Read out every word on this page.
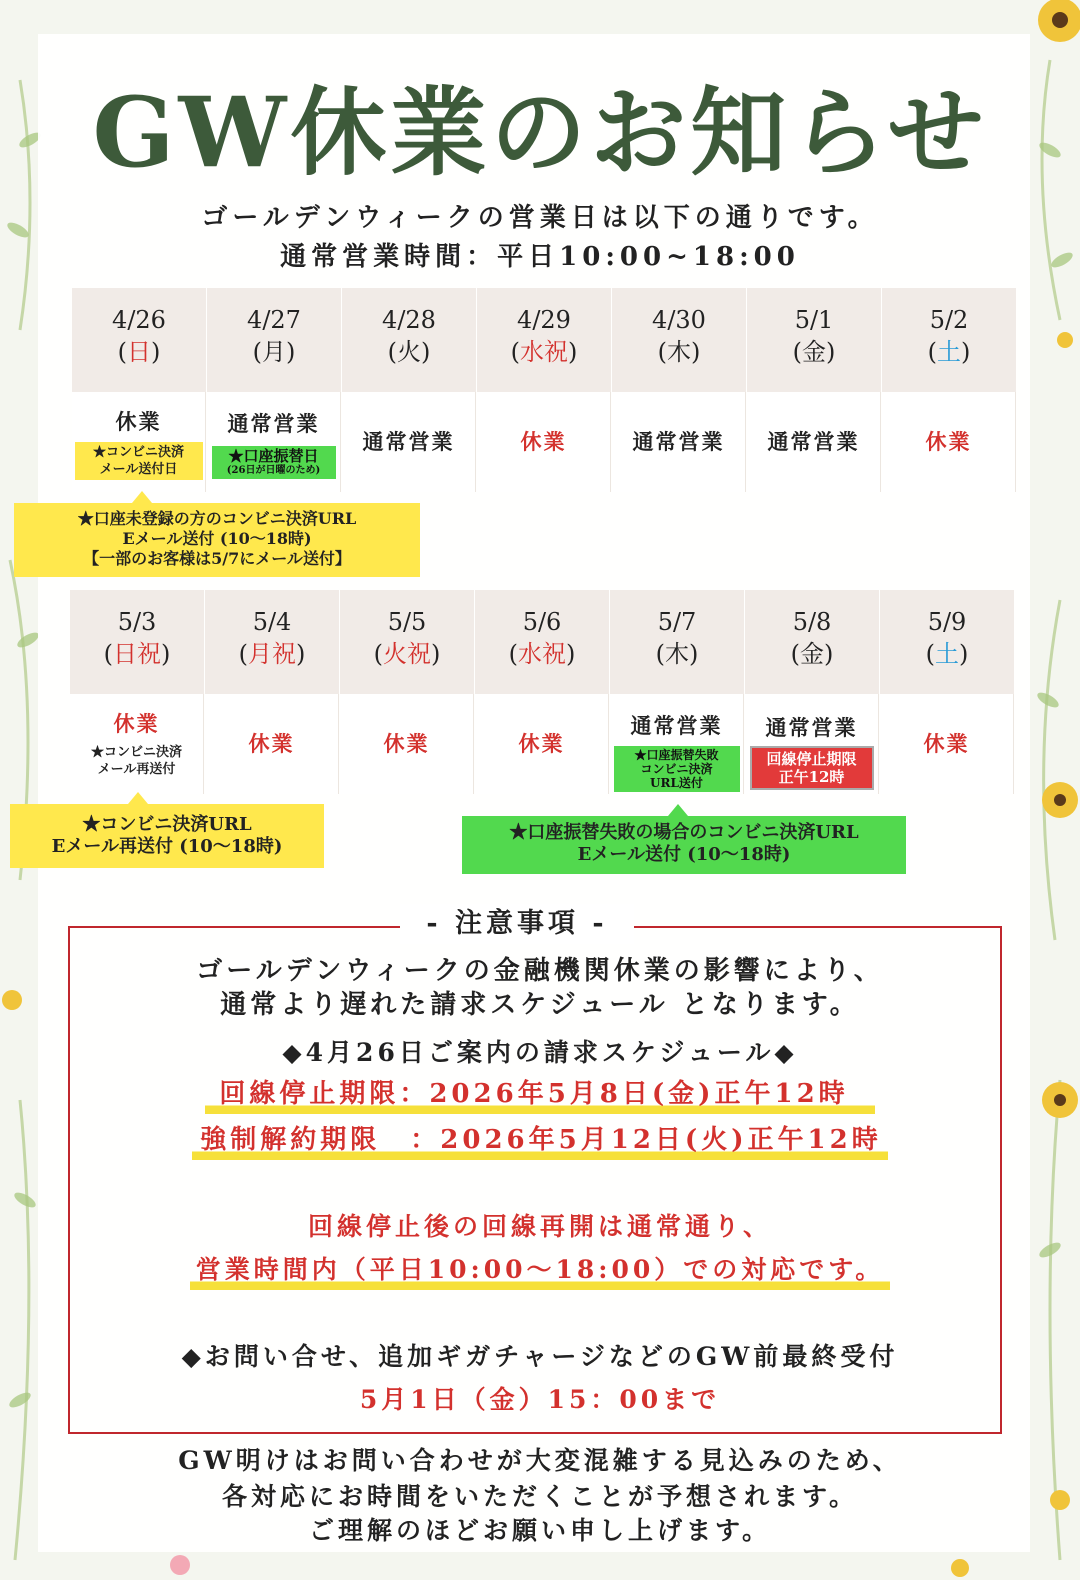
GW休業のお知らせ
ゴールデンウィークの営業日は以下の通りです。
通常営業時間：平日10:00~18:00
4/26
(日)
休業
★コンビニ決済
メール送付日
4/27
(月)
通常営業
★口座振替日
(26日が日曜のため)
4/28
(火)
通常営業
4/29
(水祝)
休業
4/30
(木)
通常営業
5/1
(金)
通常営業
5/2
(土)
休業
★口座未登録の方のコンビニ決済URL
Eメール送付 (10〜18時)
【一部のお客様は5/7にメール送付】
5/3
(日祝)
休業
★コンビニ決済
メール再送付
5/4
(月祝)
休業
5/5
(火祝)
休業
5/6
(水祝)
休業
5/7
(木)
通常営業
★口座振替失敗
コンビニ決済
URL送付
5/8
(金)
通常営業
回線停止期限
正午12時
5/9
(土)
休業
★コンビニ決済URL
Eメール再送付 (10〜18時)
★口座振替失敗の場合のコンビニ決済URL
Eメール送付 (10〜18時)
- 注意事項 -
ゴールデンウィークの金融機関休業の影響により、
通常より遅れた請求スケジュール となります。
◆4月26日ご案内の請求スケジュール◆
回線停止期限：2026年5月8日(金)正午12時
強制解約期限　：2026年5月12日(火)正午12時
回線停止後の回線再開は通常通り、
営業時間内（平日10:00〜18:00）での対応です。
◆お問い合せ、追加ギガチャージなどのGW前最終受付
5月1日（金）15：00まで
GW明けはお問い合わせが大変混雑する見込みのため、
各対応にお時間をいただくことが予想されます。
ご理解のほどお願い申し上げます。
